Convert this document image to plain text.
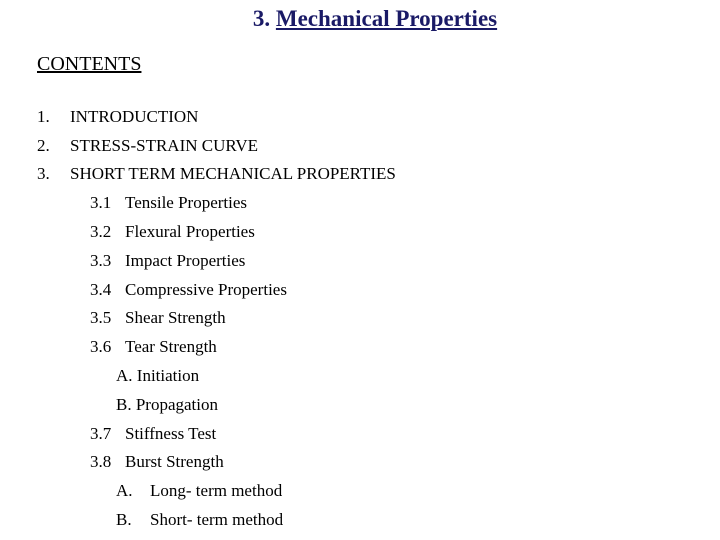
3. Mechanical Properties
CONTENTS
1. INTRODUCTION
2. STRESS-STRAIN CURVE
3. SHORT TERM MECHANICAL PROPERTIES
3.1 Tensile Properties
3.2 Flexural Properties
3.3 Impact Properties
3.4 Compressive Properties
3.5 Shear Strength
3.6 Tear Strength
A. Initiation
B. Propagation
3.7 Stiffness Test
3.8 Burst Strength
A. Long- term method
B. Short- term method
